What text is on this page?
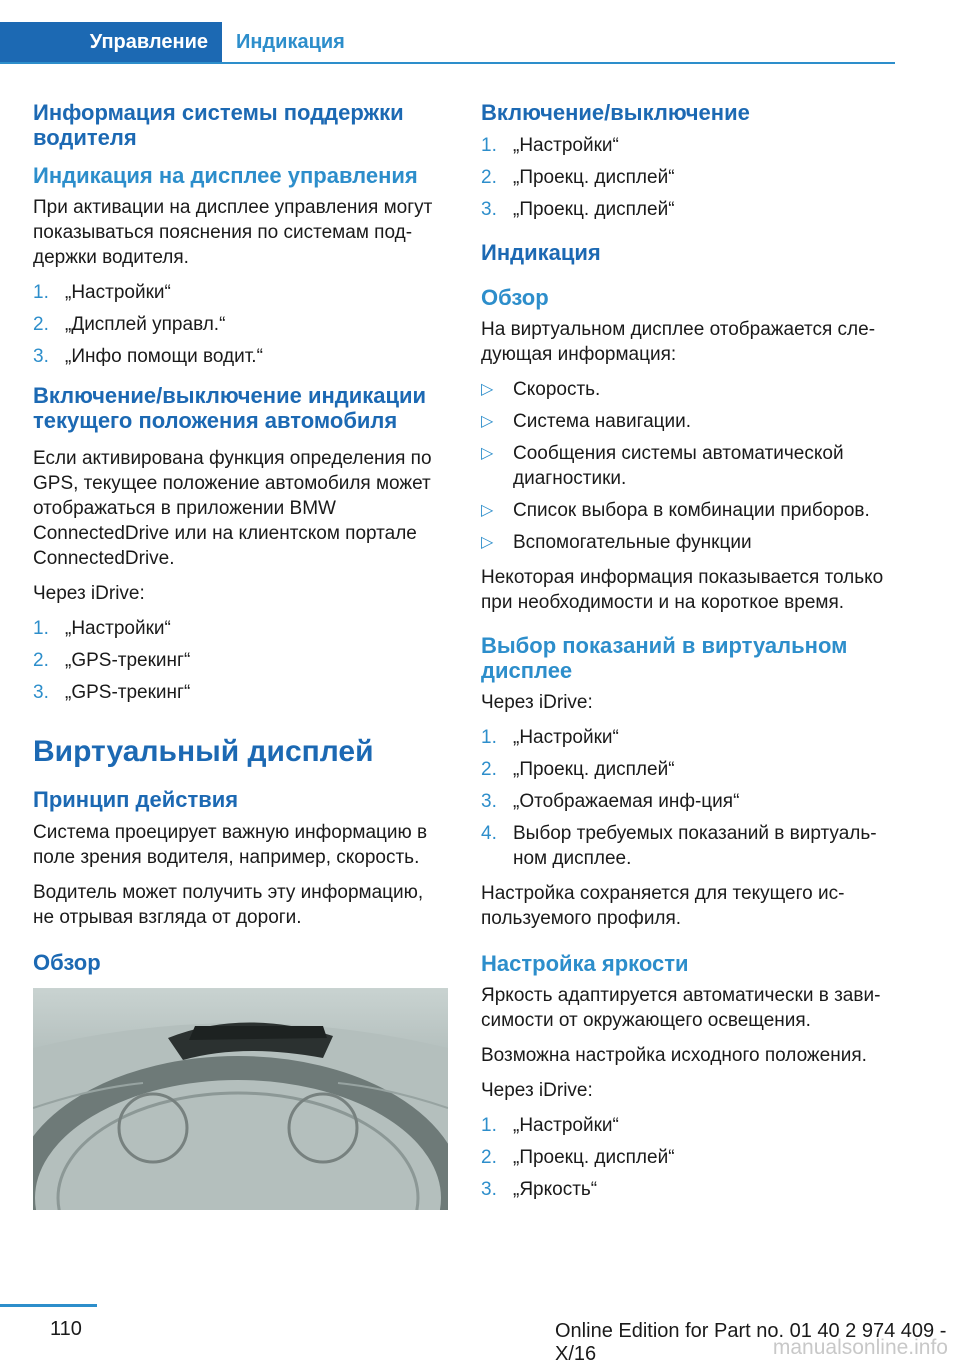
Управление	Индикация
Информация системы поддержки водителя
Индикация на дисплее управления

При активации на дисплее управления могут показываться пояснения по системам поддержки водителя.

1. „Настройки“
2. „Дисплей управл.“
3. „Инфо помощи водит.“
Включение/выключение индикации текущего положения автомобиля

Если активирована функция определения по GPS, текущее положение автомобиля может отображаться в приложении BMW ConnectedDrive или на клиентском портале ConnectedDrive.

Через iDrive:

1. „Настройки“
2. „GPS-трекинг“
3. „GPS-трекинг“
Виртуальный дисплей
Принцип действия

Система проецирует важную информацию в поле зрения водителя, например, скорость.

Водитель может получить эту информацию, не отрывая взгляда от дороги.

Обзор
Включение/выключение
1. „Настройки“
2. „Проекц. дисплей“
3. „Проекц. дисплей“
Индикация
Обзор

На виртуальном дисплее отображается следующая информация:

▷ Скорость.
▷ Система навигации.
▷ Сообщения системы автоматической диагностики.
▷ Список выбора в комбинации приборов.
▷ Вспомогательные функции

Некоторая информация показывается только при необходимости и на короткое время.

Выбор показаний в виртуальном дисплее

Через iDrive:

1. „Настройки“
2. „Проекц. дисплей“
3. „Отображаемая инф-ция“
4. Выбор требуемых показаний в виртуальном дисплее.

Настройка сохраняется для текущего используемого профиля.

Настройка яркости

Яркость адаптируется автоматически в зависимости от окружающего освещения.

Возможна настройка исходного положения.

Через iDrive:

1. „Настройки“
2. „Проекц. дисплей“
3. „Яркость“
110	Online Edition for Part no. 01 40 2 974 409 - X/16	manualsonline.info
